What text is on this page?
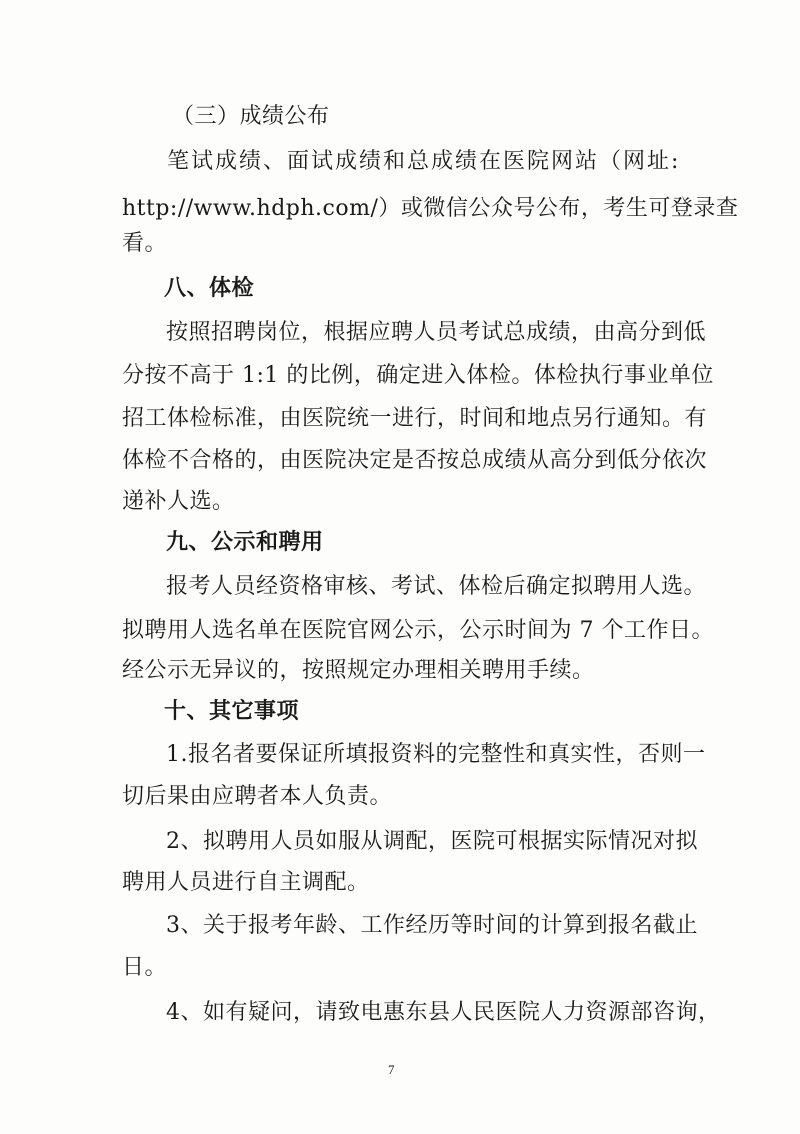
（三）成绩公布
笔试成绩、面试成绩和总成绩在医院网站（网址:
http://www.hdph.com/）或微信公众号公布，考生可登录查
看。
八、体检
按照招聘岗位，根据应聘人员考试总成绩，由高分到低
分按不高于 1:1 的比例，确定进入体检。体检执行事业单位
招工体检标准，由医院统一进行，时间和地点另行通知。有
体检不合格的，由医院决定是否按总成绩从高分到低分依次
递补人选。
九、公示和聘用
报考人员经资格审核、考试、体检后确定拟聘用人选。
拟聘用人选名单在医院官网公示，公示时间为 7 个工作日。
经公示无异议的，按照规定办理相关聘用手续。
十、其它事项
1.报名者要保证所填报资料的完整性和真实性，否则一
切后果由应聘者本人负责。
2、拟聘用人员如服从调配，医院可根据实际情况对拟
聘用人员进行自主调配。
3、关于报考年龄、工作经历等时间的计算到报名截止
日。
4、如有疑问，请致电惠东县人民医院人力资源部咨询，
7
